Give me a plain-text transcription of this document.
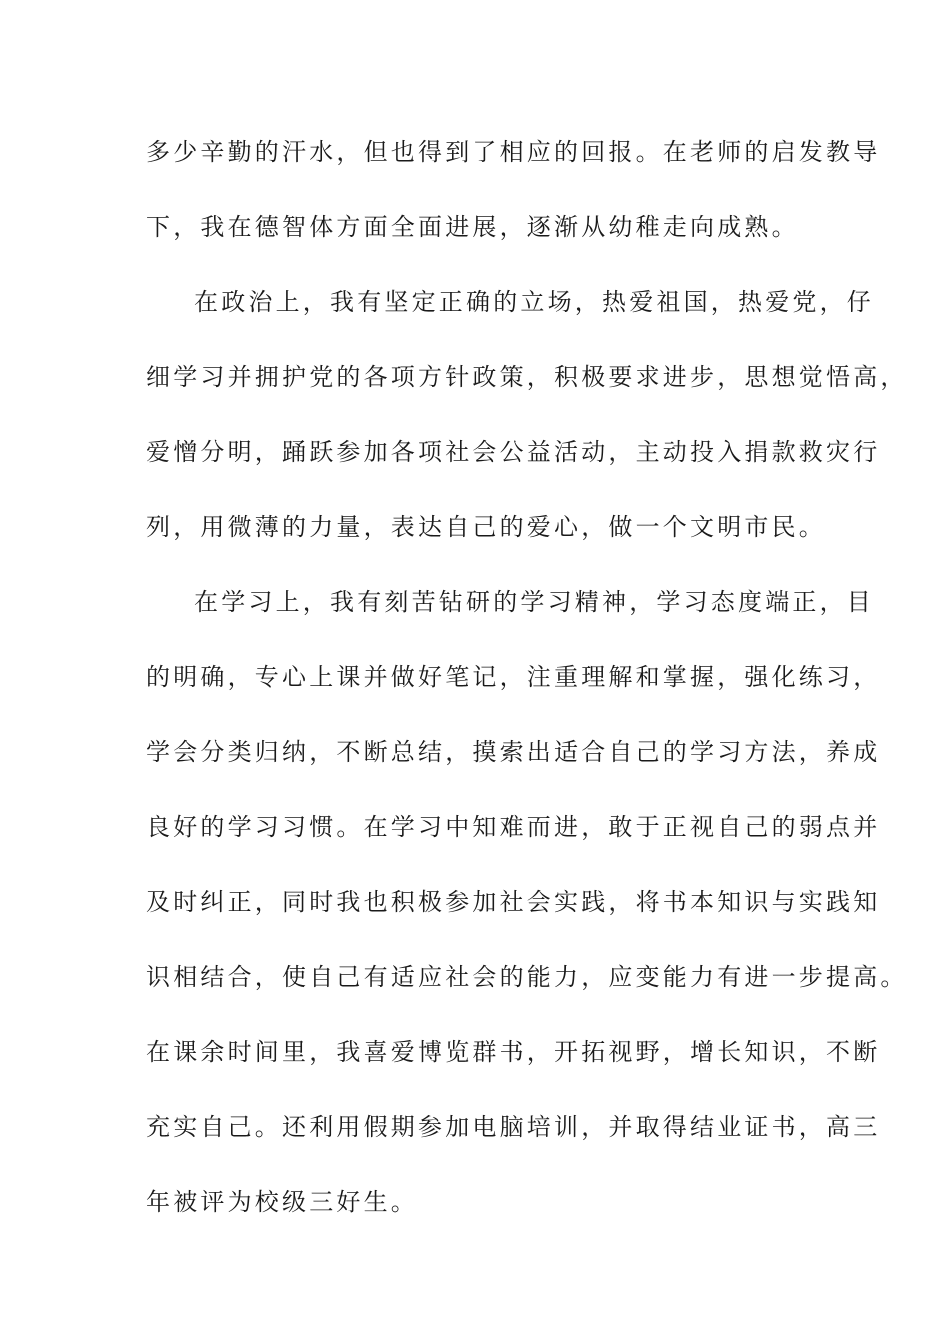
多少辛勤的汗水，但也得到了相应的回报。在老师的启发教导
下，我在德智体方面全面进展，逐渐从幼稚走向成熟。
在政治上，我有坚定正确的立场，热爱祖国，热爱党，仔
细学习并拥护党的各项方针政策，积极要求进步，思想觉悟高，
爱憎分明，踊跃参加各项社会公益活动，主动投入捐款救灾行
列，用微薄的力量，表达自己的爱心，做一个文明市民。
在学习上，我有刻苦钻研的学习精神，学习态度端正，目
的明确，专心上课并做好笔记，注重理解和掌握，强化练习，
学会分类归纳，不断总结，摸索出适合自己的学习方法，养成
良好的学习习惯。在学习中知难而进，敢于正视自己的弱点并
及时纠正，同时我也积极参加社会实践，将书本知识与实践知
识相结合，使自己有适应社会的能力，应变能力有进一步提高。
在课余时间里，我喜爱博览群书，开拓视野，增长知识，不断
充实自己。还利用假期参加电脑培训，并取得结业证书，高三
年被评为校级三好生。
